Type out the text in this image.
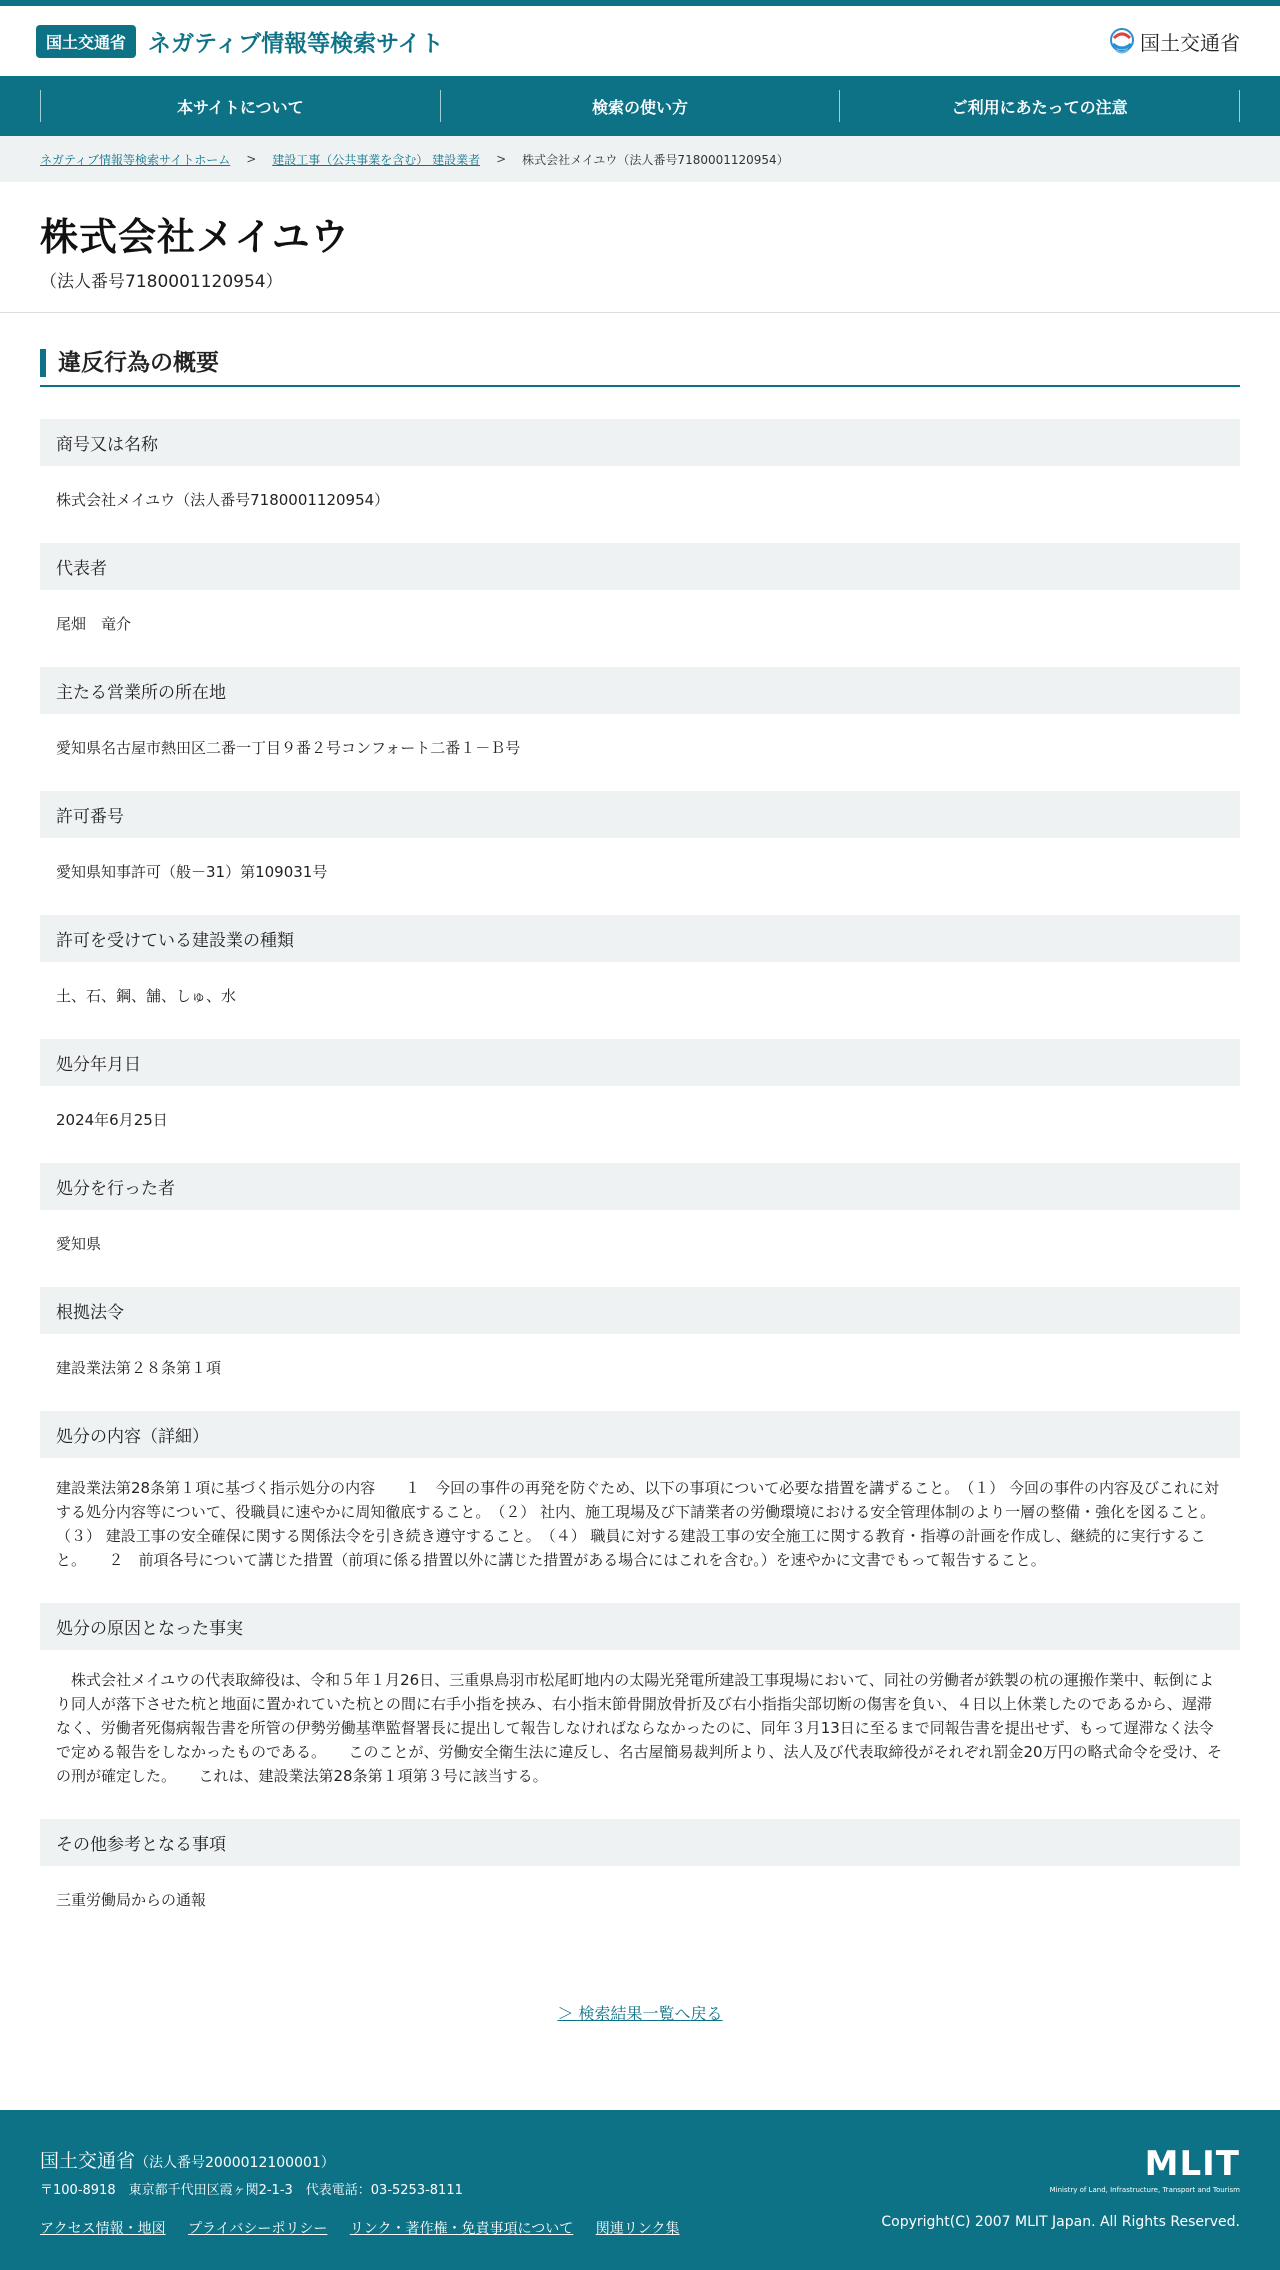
国土交通省 ネガティブ情報等検索サイト	国土交通省
本サイトについて	検索の使い方	ご利用にあたっての注意
ネガティブ情報等検索サイトホーム > 建設工事（公共事業を含む） 建設業者 > 株式会社メイユウ（法人番号7180001120954）
株式会社メイユウ
（法人番号7180001120954）
違反行為の概要
商号又は名称
株式会社メイユウ（法人番号7180001120954）
代表者
尾畑　竜介
主たる営業所の所在地
愛知県名古屋市熱田区二番一丁目９番２号コンフォート二番１－Ｂ号
許可番号
愛知県知事許可（般－31）第109031号
許可を受けている建設業の種類
土、石、鋼、舗、しゅ、水
処分年月日
2024年6月25日
処分を行った者
愛知県
根拠法令
建設業法第２８条第１項
処分の内容（詳細）
建設業法第28条第１項に基づく指示処分の内容　　１　今回の事件の再発を防ぐため、以下の事項について必要な措置を講ずること。　（１） 今回の事件の内容及びこれに対する処分内容等について、役職員に速やかに周知徹底すること。　（２） 社内、施工現場及び下請業者の労働環境における安全管理体制のより一層の整備・強化を図ること。　（３） 建設工事の安全確保に関する関係法令を引き続き遵守すること。　（４） 職員に対する建設工事の安全施工に関する教育・指導の計画を作成し、継続的に実行すること。　　２　前項各号について講じた措置（前項に係る措置以外に講じた措置がある場合にはこれを含む。）を速やかに文書でもって報告すること。
処分の原因となった事実
　株式会社メイユウの代表取締役は、令和５年１月26日、三重県鳥羽市松尾町地内の太陽光発電所建設工事現場において、同社の労働者が鉄製の杭の運搬作業中、転倒により同人が落下させた杭と地面に置かれていた杭との間に右手小指を挟み、右小指末節骨開放骨折及び右小指指尖部切断の傷害を負い、４日以上休業したのであるから、遅滞なく、労働者死傷病報告書を所管の伊勢労働基準監督署長に提出して報告しなければならなかったのに、同年３月13日に至るまで同報告書を提出せず、もって遅滞なく法令で定める報告をしなかったものである。　　このことが、労働安全衛生法に違反し、名古屋簡易裁判所より、法人及び代表取締役がそれぞれ罰金20万円の略式命令を受け、その刑が確定した。　　これは、建設業法第28条第１項第３号に該当する。
その他参考となる事項
三重労働局からの通報
＞ 検索結果一覧へ戻る
国土交通省（法人番号2000012100001）
〒100-8918　東京都千代田区霞ヶ関2-1-3　代表電話：03-5253-8111
アクセス情報・地図 プライバシーポリシー リンク・著作権・免責事項について 関連リンク集
MLIT
Ministry of Land, Infrastructure, Transport and Tourism
Copyright(C) 2007 MLIT Japan. All Rights Reserved.
